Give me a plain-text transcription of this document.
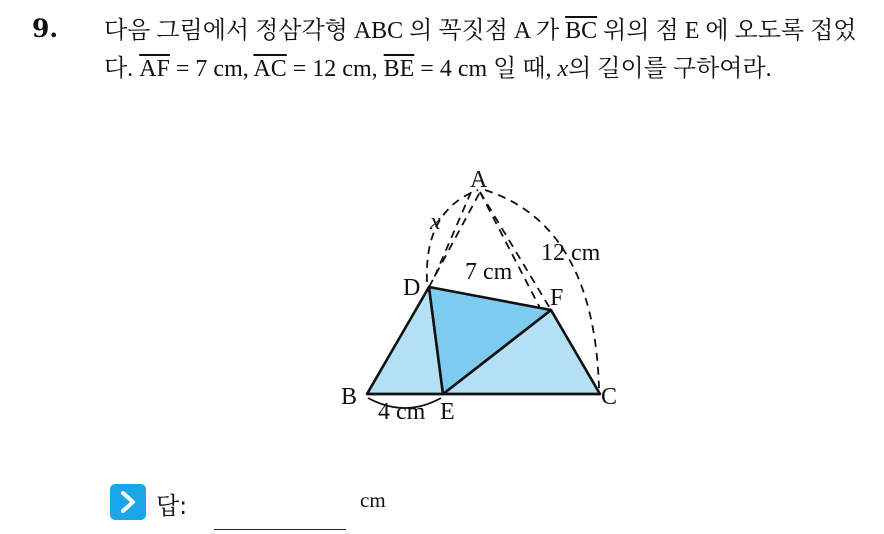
9. 다음 그림에서 정삼각형 ABC 의 꼭짓점 A 가 $\overline{BC}$ 위의 점 E 에 오도록 접었다. $\overline{AF} = 7$ cm, $\overline{AC} = 12$ cm, $\overline{BE} = 4$ cm 일 때, x의 길이를 구하여라.
A
B	C
D
E
F
x
7 cm
12 cm
4 cm
답:	cm
